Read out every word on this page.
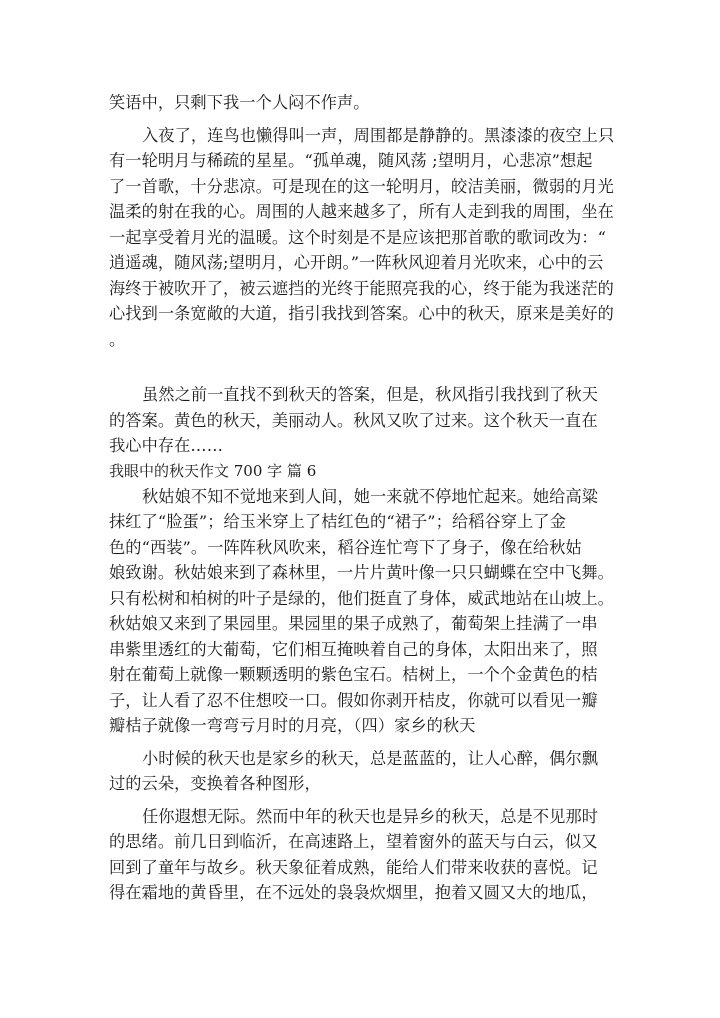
笑语中，只剩下我一个人闷不作声。
入夜了，连鸟也懒得叫一声，周围都是静静的。黑漆漆的夜空上只
有一轮明月与稀疏的星星。“孤单魂，随风荡 ;望明月，心悲凉”想起
了一首歌，十分悲凉。可是现在的这一轮明月，皎洁美丽，微弱的月光
温柔的射在我的心。周围的人越来越多了，所有人走到我的周围，坐在
一起享受着月光的温暖。这个时刻是不是应该把那首歌的歌词改为：“
逍遥魂，随风荡;望明月，心开朗。”一阵秋风迎着月光吹来，心中的云
海终于被吹开了，被云遮挡的光终于能照亮我的心，终于能为我迷茫的
心找到一条宽敞的大道，指引我找到答案。心中的秋天，原来是美好的
。
虽然之前一直找不到秋天的答案，但是，秋风指引我找到了秋天
的答案。黄色的秋天，美丽动人。秋风又吹了过来。这个秋天一直在
我心中存在……
我眼中的秋天作文 700 字 篇 6
秋姑娘不知不觉地来到人间，她一来就不停地忙起来。她给高粱
抹红了“脸蛋”；给玉米穿上了桔红色的“裙子”；给稻谷穿上了金
色的“西装”。一阵阵秋风吹来，稻谷连忙弯下了身子，像在给秋姑
娘致谢。秋姑娘来到了森林里，一片片黄叶像一只只蝴蝶在空中飞舞。
只有松树和柏树的叶子是绿的，他们挺直了身体，威武地站在山坡上。
秋姑娘又来到了果园里。果园里的果子成熟了，葡萄架上挂满了一串
串紫里透红的大葡萄，它们相互掩映着自己的身体，太阳出来了，照
射在葡萄上就像一颗颗透明的紫色宝石。桔树上，一个个金黄色的桔
子，让人看了忍不住想咬一口。假如你剥开桔皮，你就可以看见一瓣
瓣桔子就像一弯弯亏月时的月亮，（四）家乡的秋天
小时候的秋天也是家乡的秋天，总是蓝蓝的，让人心醉，偶尔飘
过的云朵，变换着各种图形，
任你遐想无际。然而中年的秋天也是异乡的秋天，总是不见那时
的思绪。前几日到临沂，在高速路上，望着窗外的蓝天与白云，似又
回到了童年与故乡。秋天象征着成熟，能给人们带来收获的喜悦。记
得在霜地的黄昏里，在不远处的袅袅炊烟里，抱着又圆又大的地瓜，
